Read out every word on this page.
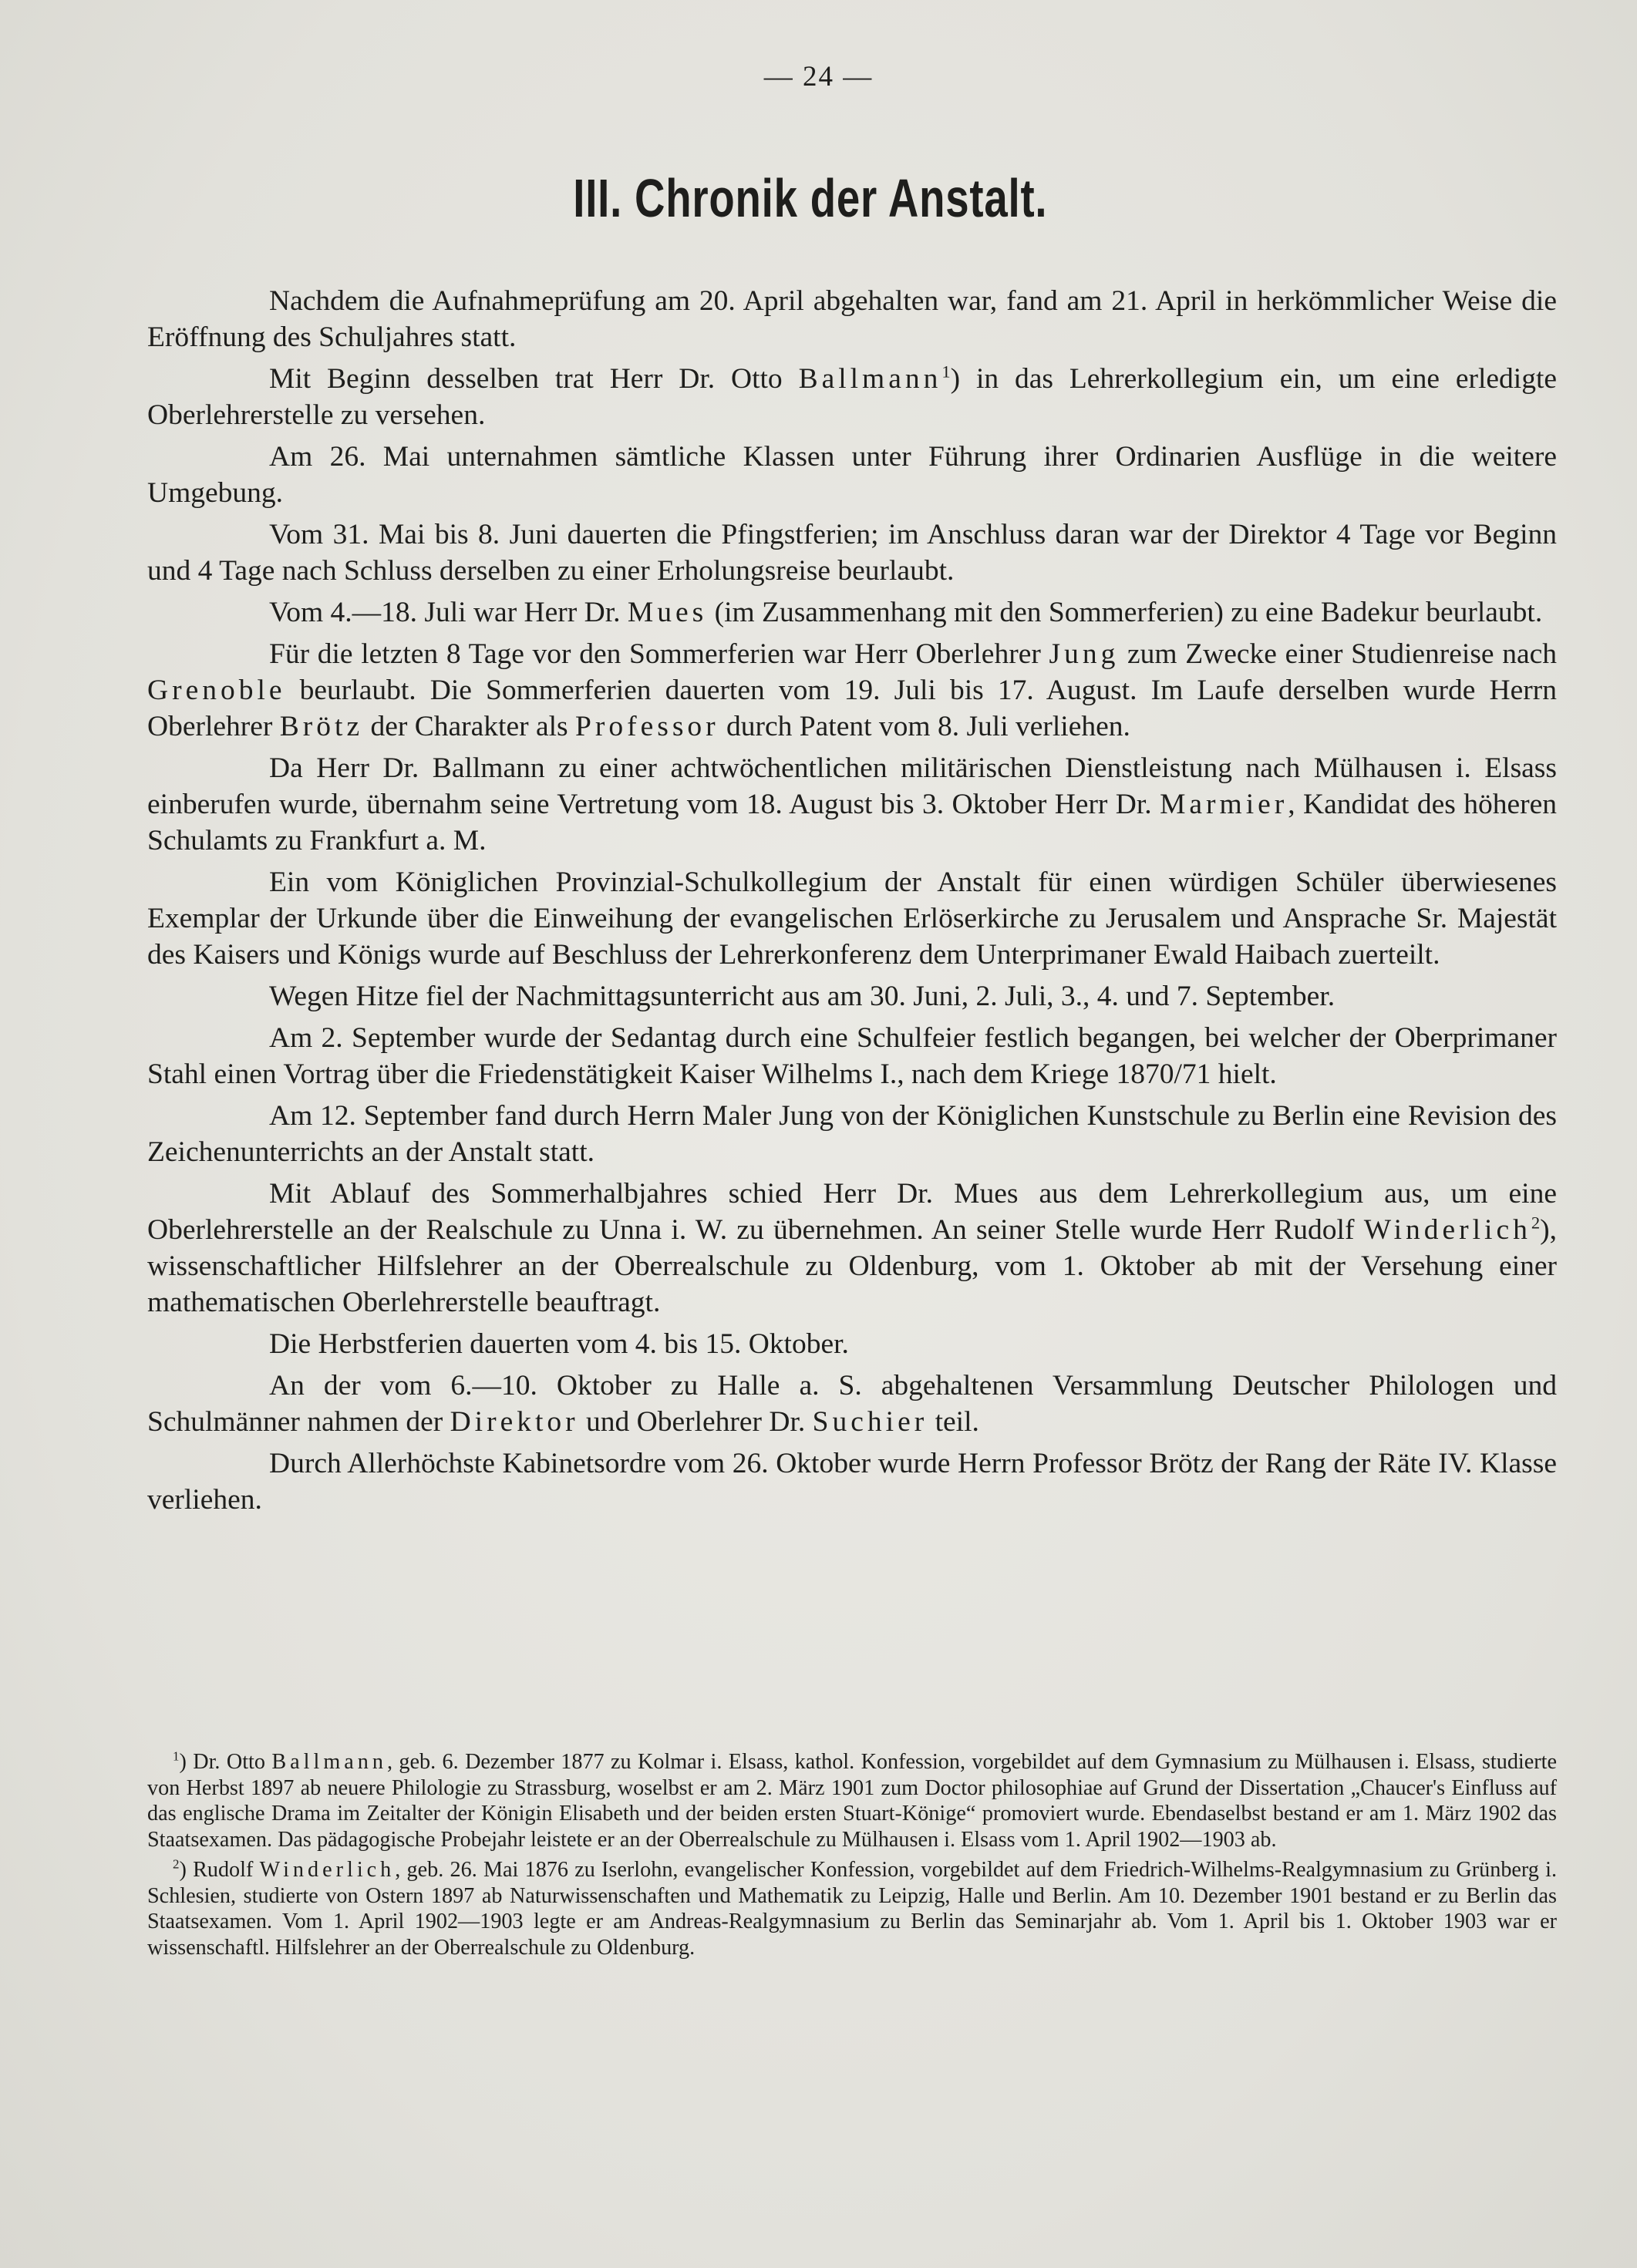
— 24 —
III. Chronik der Anstalt.

Nachdem die Aufnahmeprüfung am 20. April abgehalten war, fand am 21. April in herkömmlicher Weise die Eröffnung des Schuljahres statt.

Mit Beginn desselben trat Herr Dr. Otto Ballmann$^1$) in das Lehrerkollegium ein, um eine erledigte Oberlehrerstelle zu versehen.

Am 26. Mai unternahmen sämtliche Klassen unter Führung ihrer Ordinarien Ausflüge in die weitere Umgebung.

Vom 31. Mai bis 8. Juni dauerten die Pfingstferien; im Anschluss daran war der Direktor 4 Tage vor Beginn und 4 Tage nach Schluss derselben zu einer Erholungsreise beurlaubt.

Vom 4.—18. Juli war Herr Dr. Mues (im Zusammenhang mit den Sommerferien) zu eine Badekur beurlaubt.

Für die letzten 8 Tage vor den Sommerferien war Herr Oberlehrer Jung zum Zwecke einer Studienreise nach Grenoble beurlaubt. Die Sommerferien dauerten vom 19. Juli bis 17. August. Im Laufe derselben wurde Herrn Oberlehrer Brötz der Charakter als Professor durch Patent vom 8. Juli verliehen.

Da Herr Dr. Ballmann zu einer achtwöchentlichen militärischen Dienstleistung nach Mülhausen i. Elsass einberufen wurde, übernahm seine Vertretung vom 18. August bis 3. Oktober Herr Dr. Marmier, Kandidat des höheren Schulamts zu Frankfurt a. M.

Ein vom Königlichen Provinzial-Schulkollegium der Anstalt für einen würdigen Schüler überwiesenes Exemplar der Urkunde über die Einweihung der evangelischen Erlöserkirche zu Jerusalem und Ansprache Sr. Majestät des Kaisers und Königs wurde auf Beschluss der Lehrerkonferenz dem Unterprimaner Ewald Haibach zuerteilt.

Wegen Hitze fiel der Nachmittagsunterricht aus am 30. Juni, 2. Juli, 3., 4. und 7. September.

Am 2. September wurde der Sedantag durch eine Schulfeier festlich begangen, bei welcher der Oberprimaner Stahl einen Vortrag über die Friedenstätigkeit Kaiser Wilhelms I., nach dem Kriege 1870/71 hielt.

Am 12. September fand durch Herrn Maler Jung von der Königlichen Kunstschule zu Berlin eine Revision des Zeichenunterrichts an der Anstalt statt.

Mit Ablauf des Sommerhalbjahres schied Herr Dr. Mues aus dem Lehrerkollegium aus, um eine Oberlehrerstelle an der Realschule zu Unna i. W. zu übernehmen. An seiner Stelle wurde Herr Rudolf Winderlich$^2$), wissenschaftlicher Hilfslehrer an der Oberrealschule zu Oldenburg, vom 1. Oktober ab mit der Versehung einer mathematischen Oberlehrerstelle beauftragt.

Die Herbstferien dauerten vom 4. bis 15. Oktober.

An der vom 6.—10. Oktober zu Halle a. S. abgehaltenen Versammlung Deutscher Philologen und Schulmänner nahmen der Direktor und Oberlehrer Dr. Suchier teil.

Durch Allerhöchste Kabinetsordre vom 26. Oktober wurde Herrn Professor Brötz der Rang der Räte IV. Klasse verliehen.

$^1$) Dr. Otto Ballmann, geb. 6. Dezember 1877 zu Kolmar i. Elsass, kathol. Konfession, vorgebildet auf dem Gymnasium zu Mülhausen i. Elsass, studierte von Herbst 1897 ab neuere Philologie zu Strassburg, woselbst er am 2. März 1901 zum Doctor philosophiae auf Grund der Dissertation „Chaucer's Einfluss auf das englische Drama im Zeitalter der Königin Elisabeth und der beiden ersten Stuart-Könige“ promoviert wurde. Ebendaselbst bestand er am 1. März 1902 das Staatsexamen. Das pädagogische Probejahr leistete er an der Oberrealschule zu Mülhausen i. Elsass vom 1. April 1902—1903 ab.

$^2$) Rudolf Winderlich, geb. 26. Mai 1876 zu Iserlohn, evangelischer Konfession, vorgebildet auf dem Friedrich-Wilhelms-Realgymnasium zu Grünberg i. Schlesien, studierte von Ostern 1897 ab Naturwissenschaften und Mathematik zu Leipzig, Halle und Berlin. Am 10. Dezember 1901 bestand er zu Berlin das Staatsexamen. Vom 1. April 1902—1903 legte er am Andreas-Realgymnasium zu Berlin das Seminarjahr ab. Vom 1. April bis 1. Oktober 1903 war er wissenschaftl. Hilfslehrer an der Oberrealschule zu Oldenburg.
